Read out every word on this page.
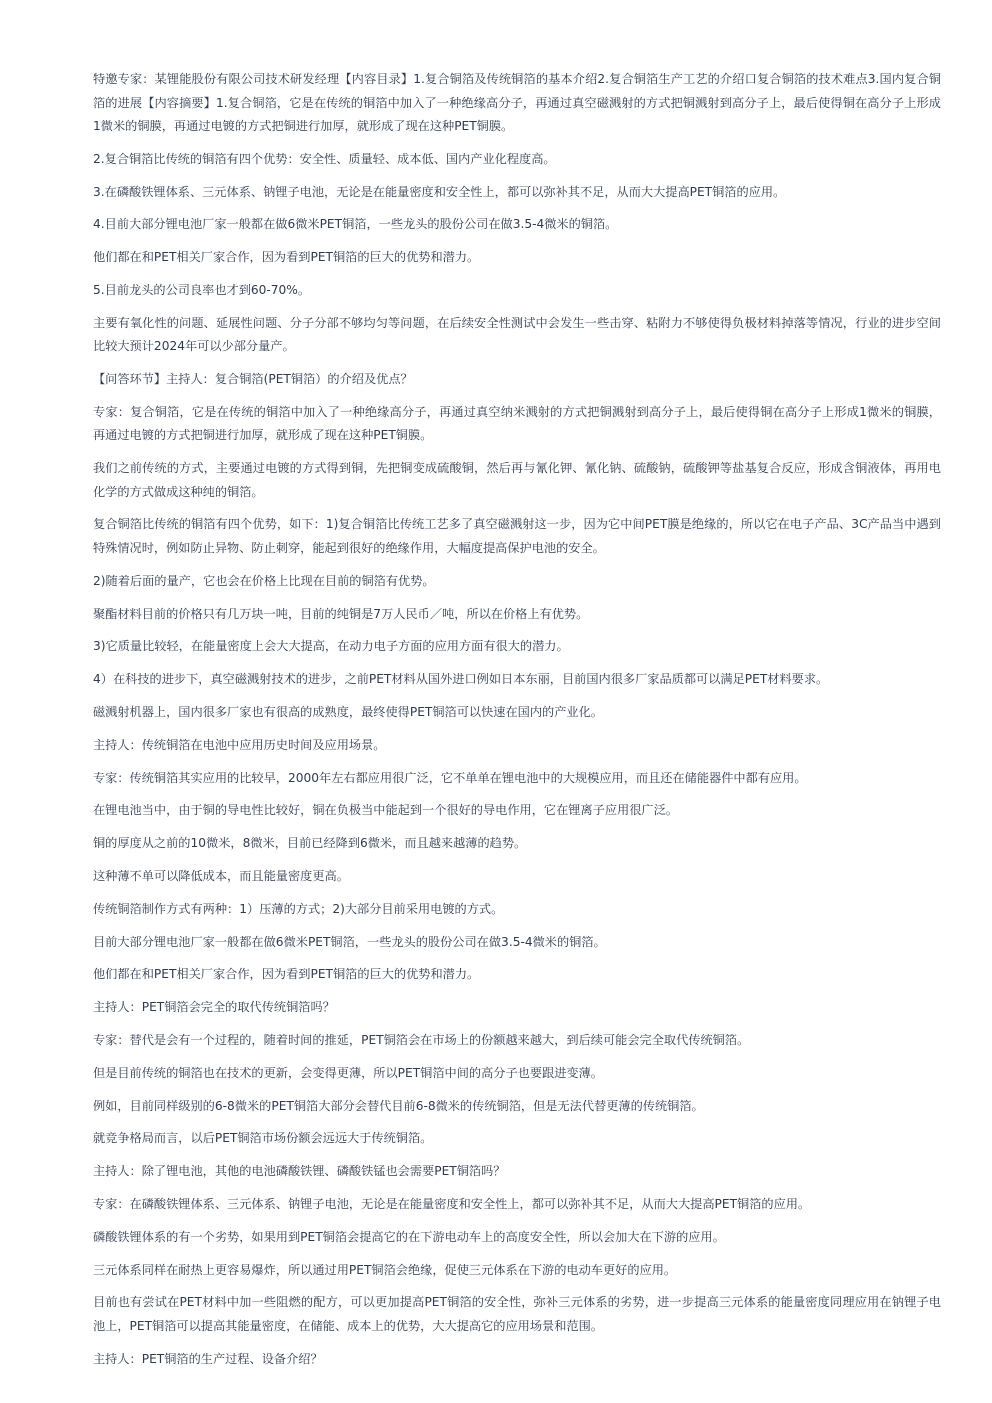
特邀专家：某锂能股份有限公司技术研发经理【内容目录】1.复合铜箔及传统铜箔的基本介绍2.复合铜箔生产工艺的介绍口复合铜箔的技术难点3.国内复合铜箔的进展【内容摘要】1.复合铜箔，它是在传统的铜箔中加入了一种绝缘高分子，再通过真空磁溅射的方式把铜溅射到高分子上，最后使得铜在高分子上形成1微米的铜膜，再通过电镀的方式把铜进行加厚，就形成了现在这种PET铜膜。

2.复合铜箔比传统的铜箔有四个优势：安全性、质量轻、成本低、国内产业化程度高。

3.在磷酸铁锂体系、三元体系、钠锂子电池，无论是在能量密度和安全性上，都可以弥补其不足，从而大大提高PET铜箔的应用。

4.目前大部分锂电池厂家一般都在做6微米PET铜箔，一些龙头的股份公司在做3.5-4微米的铜箔。

他们都在和PET相关厂家合作，因为看到PET铜箔的巨大的优势和潜力。

5.目前龙头的公司良率也才到60-70%。

主要有氧化性的问题、延展性问题、分子分部不够均匀等问题，在后续安全性测试中会发生一些击穿、粘附力不够使得负极材料掉落等情况，行业的进步空间比较大预计2024年可以少部分量产。

【问答环节】主持人：复合铜箔(PET铜箔）的介绍及优点？

专家：复合铜箔，它是在传统的铜箔中加入了一种绝缘高分子，再通过真空纳米溅射的方式把铜溅射到高分子上，最后使得铜在高分子上形成1微米的铜膜，再通过电镀的方式把铜进行加厚，就形成了现在这种PET铜膜。

我们之前传统的方式，主要通过电镀的方式得到铜，先把铜变成硫酸铜，然后再与氰化钾、氰化钠、硫酸钠，硫酸钾等盐基复合反应，形成含铜液体，再用电化学的方式做成这种纯的铜箔。

复合铜箔比传统的铜箔有四个优势，如下：1)复合铜箔比传统工艺多了真空磁溅射这一步，因为它中间PET膜是绝缘的，所以它在电子产品、3C产品当中遇到特殊情况时，例如防止异物、防止刺穿，能起到很好的绝缘作用，大幅度提高保护电池的安全。

2)随着后面的量产，它也会在价格上比现在目前的铜箔有优势。

聚酯材料目前的价格只有几万块一吨，目前的纯铜是7万人民币／吨，所以在价格上有优势。

3)它质量比较轻，在能量密度上会大大提高，在动力电子方面的应用方面有很大的潜力。

4）在科技的进步下，真空磁溅射技术的进步，之前PET材料从国外进口例如日本东丽，目前国内很多厂家品质都可以满足PET材料要求。

磁溅射机器上，国内很多厂家也有很高的成熟度，最终使得PET铜箔可以快速在国内的产业化。

主持人：传统铜箔在电池中应用历史时间及应用场景。

专家：传统铜箔其实应用的比较早，2000年左右都应用很广泛，它不单单在锂电池中的大规模应用，而且还在储能器件中都有应用。

在锂电池当中，由于铜的导电性比较好，铜在负极当中能起到一个很好的导电作用，它在锂离子应用很广泛。

铜的厚度从之前的10微米，8微米，目前已经降到6微米，而且越来越薄的趋势。

这种薄不单可以降低成本，而且能量密度更高。

传统铜箔制作方式有两种：1）压薄的方式；2)大部分目前采用电镀的方式。

目前大部分锂电池厂家一般都在做6微米PET铜箔，一些龙头的股份公司在做3.5-4微米的铜箔。

他们都在和PET相关厂家合作，因为看到PET铜箔的巨大的优势和潜力。

主持人：PET铜箔会完全的取代传统铜箔吗？

专家：替代是会有一个过程的，随着时间的推延，PET铜箔会在市场上的份额越来越大，到后续可能会完全取代传统铜箔。

但是目前传统的铜箔也在技术的更新，会变得更薄，所以PET铜箔中间的高分子也要跟进变薄。

例如，目前同样级别的6-8微米的PET铜箔大部分会替代目前6-8微米的传统铜箔，但是无法代替更薄的传统铜箔。

就竞争格局而言，以后PET铜箔市场份额会远远大于传统铜箔。

主持人：除了锂电池，其他的电池磷酸铁锂、磷酸铁锰也会需要PET铜箔吗？

专家：在磷酸铁锂体系、三元体系、钠锂子电池，无论是在能量密度和安全性上，都可以弥补其不足，从而大大提高PET铜箔的应用。

磷酸铁锂体系的有一个劣势，如果用到PET铜箔会提高它的在下游电动车上的高度安全性，所以会加大在下游的应用。

三元体系同样在耐热上更容易爆炸，所以通过用PET铜箔会绝缘，促使三元体系在下游的电动车更好的应用。

目前也有尝试在PET材料中加一些阻燃的配方，可以更加提高PET铜箔的安全性，弥补三元体系的劣势，进一步提高三元体系的能量密度同理应用在钠锂子电池上，PET铜箔可以提高其能量密度，在储能、成本上的优势，大大提高它的应用场景和范围。

主持人：PET铜箔的生产过程、设备介绍？
